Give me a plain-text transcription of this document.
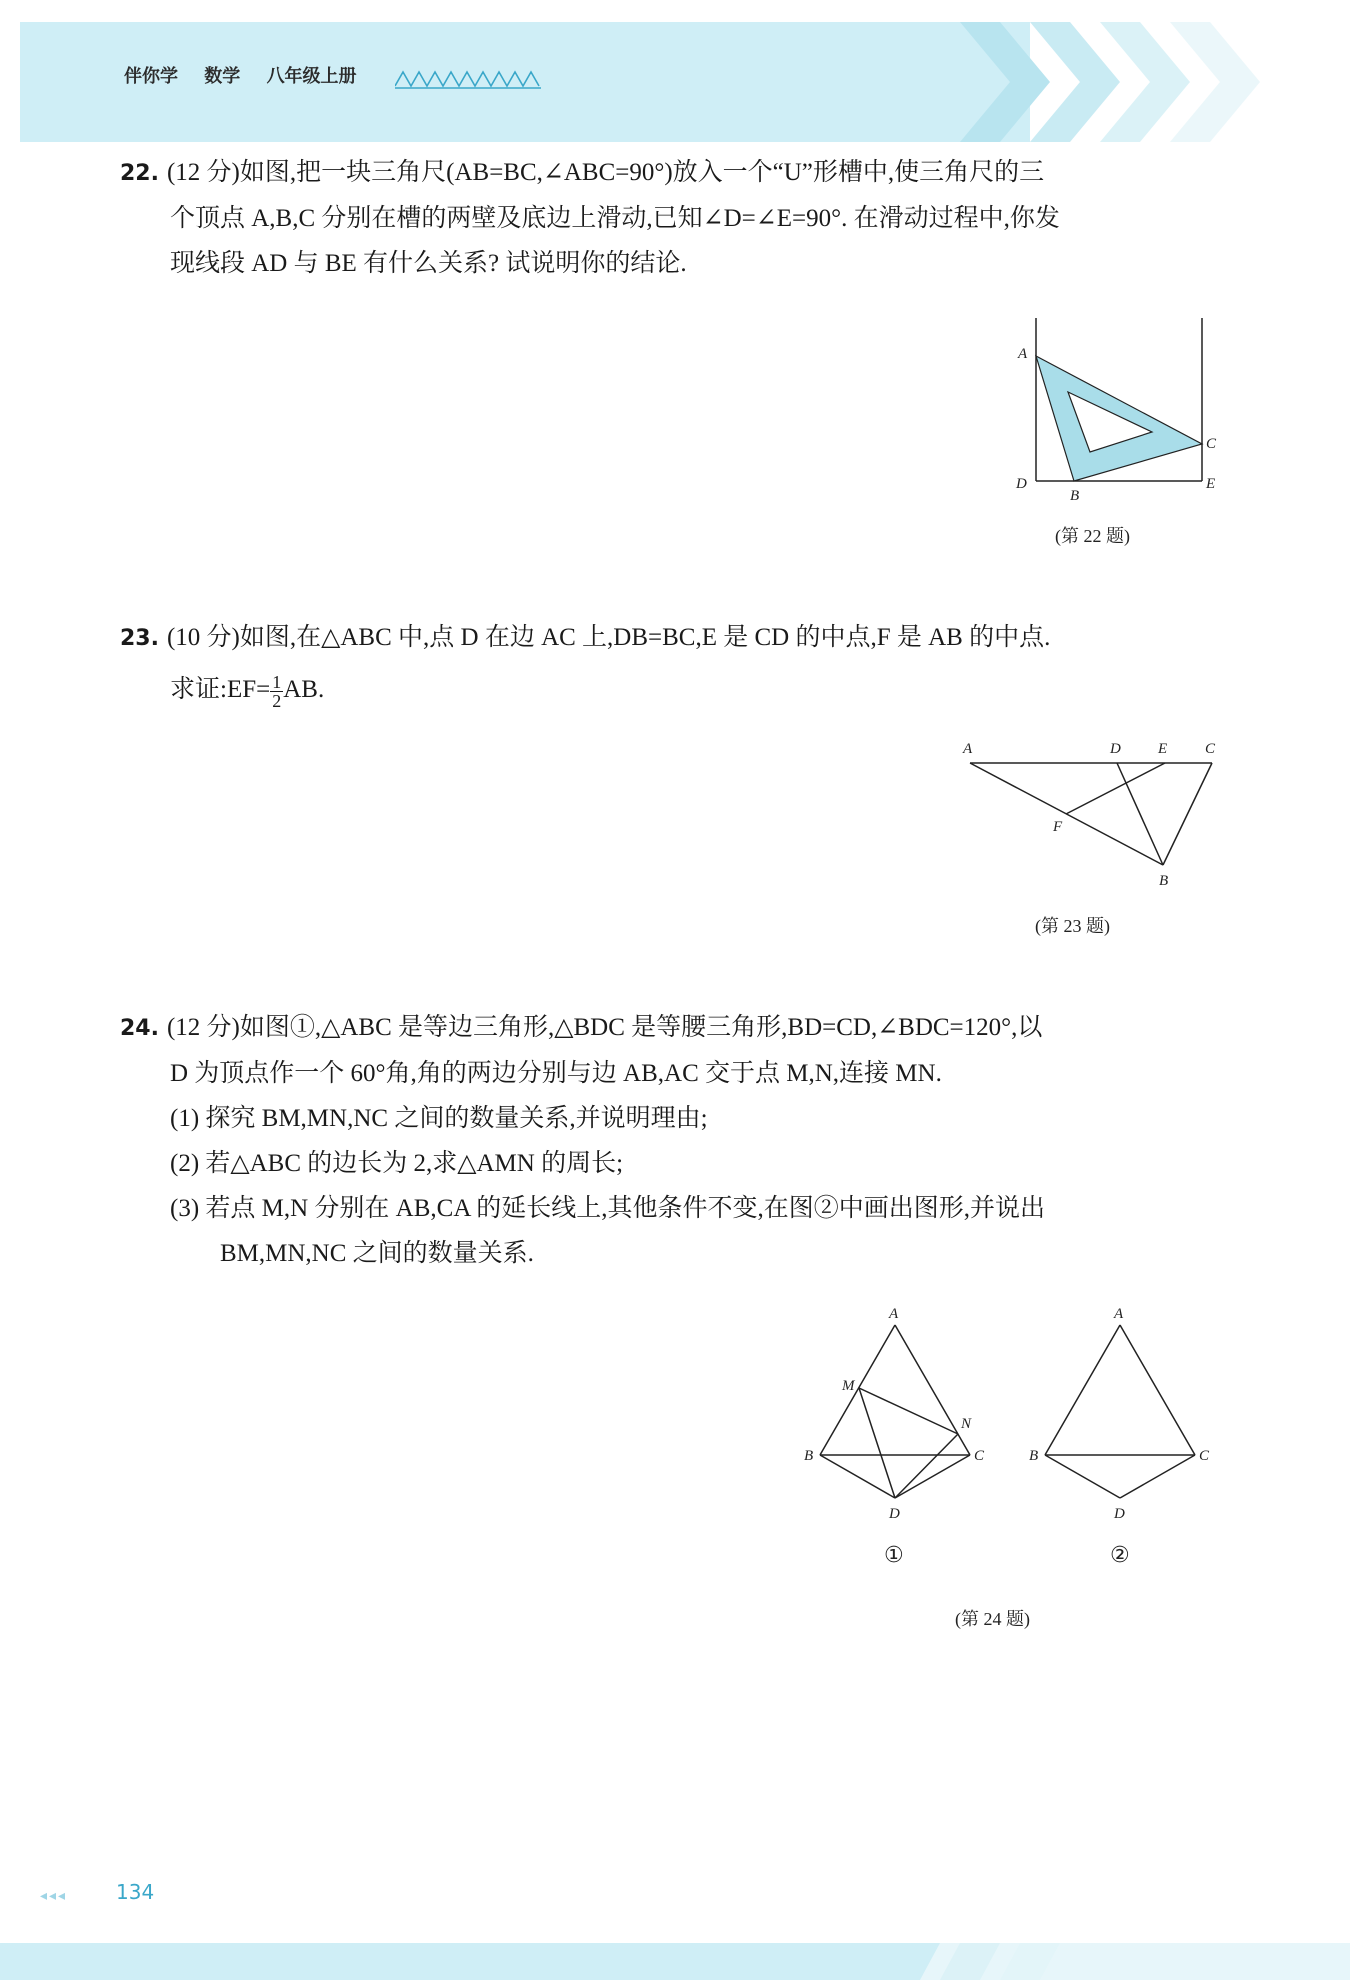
伴你学 数学 八年级上册

22. (12 分)如图,把一块三角尺(AB=BC,∠ABC=90°)放入一个“U”形槽中,使三角尺的三

个顶点 A,B,C 分别在槽的两壁及底边上滑动,已知∠D=∠E=90°. 在滑动过程中,你发

现线段 AD 与 BE 有什么关系? 试说明你的结论.

A
C
D	E
B
(第 22 题)

23. (10 分)如图,在△ABC 中,点 D 在边 AC 上,DB=BC,E 是 CD 的中点,F 是 AB 的中点.

求证:EF= $\frac{1}{2}$ AB.

A	D E	C
F
B
(第 23 题)

24. (12 分)如图①,△ABC 是等边三角形,△BDC 是等腰三角形,BD=CD,∠BDC=120°,以

D 为顶点作一个 60°角,角的两边分别与边 AB,AC 交于点 M,N,连接 MN.

(1) 探究 BM,MN,NC 之间的数量关系,并说明理由;

(2) 若△ABC 的边长为 2,求△AMN 的周长;

(3) 若点 M,N 分别在 AB,CA 的延长线上,其他条件不变,在图②中画出图形,并说出

BM,MN,NC 之间的数量关系.

A
M
N
B	C
D
A
B	C
D
①	②
(第 24 题)
◂◂◂ 134
